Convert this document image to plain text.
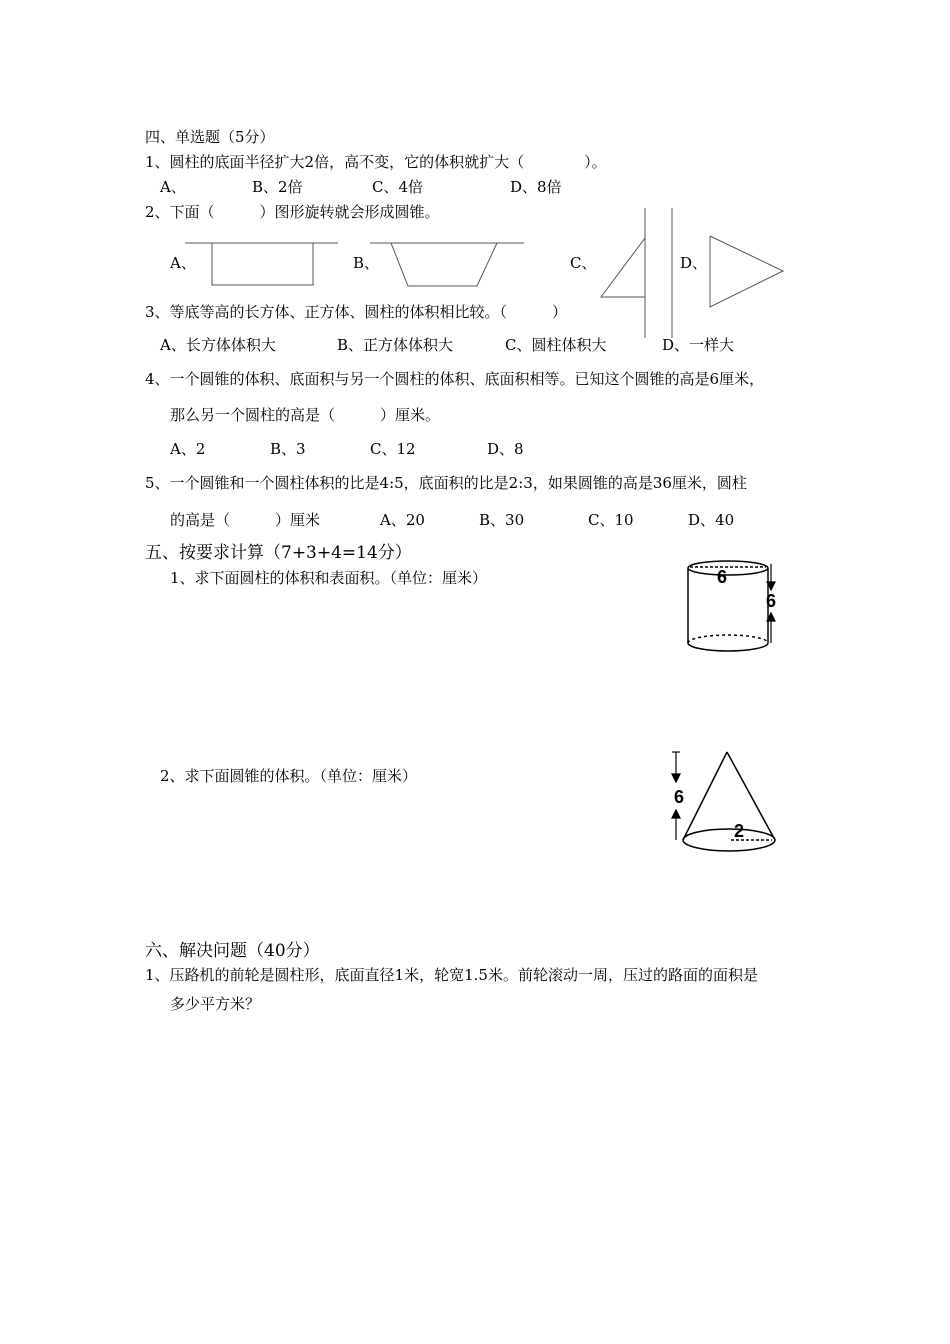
四、单选题（5分）
1、圆柱的底面半径扩大2倍，高不变，它的体积就扩大（　　　　）。
A、	B、2倍	C、4倍	D、8倍
2、下面（　　　）图形旋转就会形成圆锥。
A、	B、	C、	D、
3、等底等高的长方体、正方体、圆柱的体积相比较。（　　　）
A、长方体体积大	B、正方体体积大	C、圆柱体积大	D、一样大
4、一个圆锥的体积、底面积与另一个圆柱的体积、底面积相等。已知这个圆锥的高是6厘米，
那么另一个圆柱的高是（　　　）厘米。
A、2	B、3	C、12	D、8
5、一个圆锥和一个圆柱体积的比是4:5，底面积的比是2:3，如果圆锥的高是36厘米，圆柱
的高是（　　　）厘米	A、20	B、30	C、10	D、40
五、按要求计算（7+3+4=14分）
1、求下面圆柱的体积和表面积。（单位：厘米）	6
6
2、求下面圆锥的体积。（单位：厘米）
6
2
六、解决问题（40分）
1、压路机的前轮是圆柱形，底面直径1米，轮宽1.5米。前轮滚动一周，压过的路面的面积是
多少平方米？
